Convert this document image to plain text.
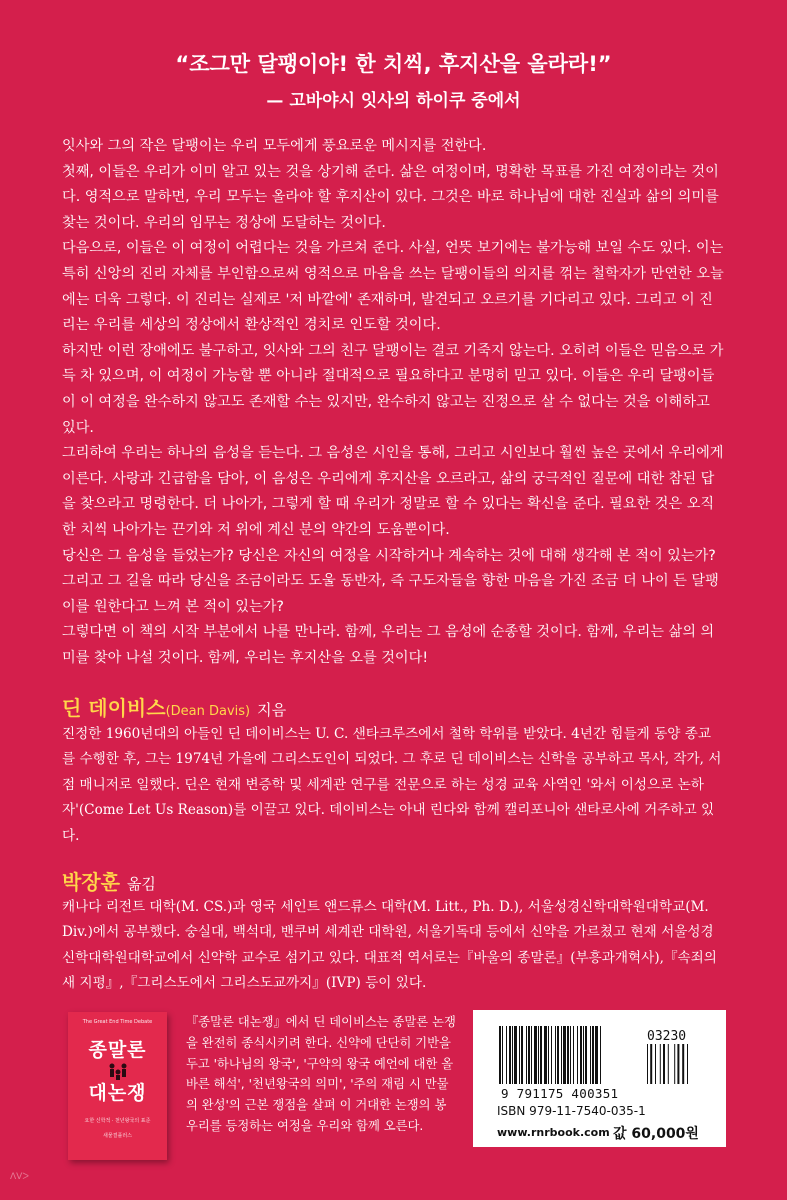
“조그만 달팽이야! 한 치씩, 후지산을 올라라!”
— 고바야시 잇사의 하이쿠 중에서

잇사와 그의 작은 달팽이는 우리 모두에게 풍요로운 메시지를 전한다.

첫째, 이들은 우리가 이미 알고 있는 것을 상기해 준다. 삶은 여정이며, 명확한 목표를 가진 여정이라는 것이다. 영적으로 말하면, 우리 모두는 올라야 할 후지산이 있다. 그것은 바로 하나님에 대한 진실과 삶의 의미를 찾는 것이다. 우리의 임무는 정상에 도달하는 것이다.

다음으로, 이들은 이 여정이 어렵다는 것을 가르쳐 준다. 사실, 언뜻 보기에는 불가능해 보일 수도 있다. 이는 특히 신앙의 진리 자체를 부인함으로써 영적으로 마음을 쓰는 달팽이들의 의지를 꺾는 철학자가 만연한 오늘에는 더욱 그렇다. 이 진리는 실제로 '저 바깥에' 존재하며, 발견되고 오르기를 기다리고 있다. 그리고 이 진리는 우리를 세상의 정상에서 환상적인 경치로 인도할 것이다.

하지만 이런 장애에도 불구하고, 잇사와 그의 친구 달팽이는 결코 기죽지 않는다. 오히려 이들은 믿음으로 가득 차 있으며, 이 여정이 가능할 뿐 아니라 절대적으로 필요하다고 분명히 믿고 있다. 이들은 우리 달팽이들이 이 여정을 완수하지 않고도 존재할 수는 있지만, 완수하지 않고는 진정으로 살 수 없다는 것을 이해하고 있다.

그리하여 우리는 하나의 음성을 듣는다. 그 음성은 시인을 통해, 그리고 시인보다 훨씬 높은 곳에서 우리에게 이른다. 사랑과 긴급함을 담아, 이 음성은 우리에게 후지산을 오르라고, 삶의 궁극적인 질문에 대한 참된 답을 찾으라고 명령한다. 더 나아가, 그렇게 할 때 우리가 정말로 할 수 있다는 확신을 준다. 필요한 것은 오직 한 치씩 나아가는 끈기와 저 위에 계신 분의 약간의 도움뿐이다.

당신은 그 음성을 들었는가? 당신은 자신의 여정을 시작하거나 계속하는 것에 대해 생각해 본 적이 있는가? 그리고 그 길을 따라 당신을 조금이라도 도울 동반자, 즉 구도자들을 향한 마음을 가진 조금 더 나이 든 달팽이를 원한다고 느껴 본 적이 있는가?

그렇다면 이 책의 시작 부분에서 나를 만나라. 함께, 우리는 그 음성에 순종할 것이다. 함께, 우리는 삶의 의미를 찾아 나설 것이다. 함께, 우리는 후지산을 오를 것이다!

딘 데이비스(Dean Davis) 지음

진정한 1960년대의 아들인 딘 데이비스는 U. C. 샌타크루즈에서 철학 학위를 받았다. 4년간 힘들게 동양 종교를 수행한 후, 그는 1974년 가을에 그리스도인이 되었다. 그 후로 딘 데이비스는 신학을 공부하고 목사, 작가, 서점 매니저로 일했다. 딘은 현재 변증학 및 세계관 연구를 전문으로 하는 성경 교육 사역인 '와서 이성으로 논하자'(Come Let Us Reason)를 이끌고 있다. 데이비스는 아내 린다와 함께 캘리포니아 샌타로사에 거주하고 있다.

박장훈 옮김

캐나다 리전트 대학(M. CS.)과 영국 세인트 앤드류스 대학(M. Litt., Ph. D.), 서울성경신학대학원대학교(M. Div.)에서 공부했다. 숭실대, 백석대, 밴쿠버 세계관 대학원, 서울기독대 등에서 신약을 가르쳤고 현재 서울성경신학대학원대학교에서 신약학 교수로 섬기고 있다. 대표적 역서로는『바울의 종말론』(부흥과개혁사),『속죄의 새 지평』,『그리스도에서 그리스도교까지』(IVP) 등이 있다.

The Great End Time Debate
종말론
대논쟁
요한 신학적 · 천년왕국의 표준
새물결플러스

『종말론 대논쟁』에서 딘 데이비스는 종말론 논쟁을 완전히 종식시키려 한다. 신약에 단단히 기반을 두고 '하나님의 왕국', '구약의 왕국 예언에 대한 올바른 해석', '천년왕국의 의미', '주의 재림 시 만물의 완성'의 근본 쟁점을 살펴 이 거대한 논쟁의 봉우리를 등정하는 여정을 우리와 함께 오른다.

03230
9 791175 400351
ISBN 979-11-7540-035-1
www.rnrbook.com 값 60,000원
ᐱᐯᐳ
